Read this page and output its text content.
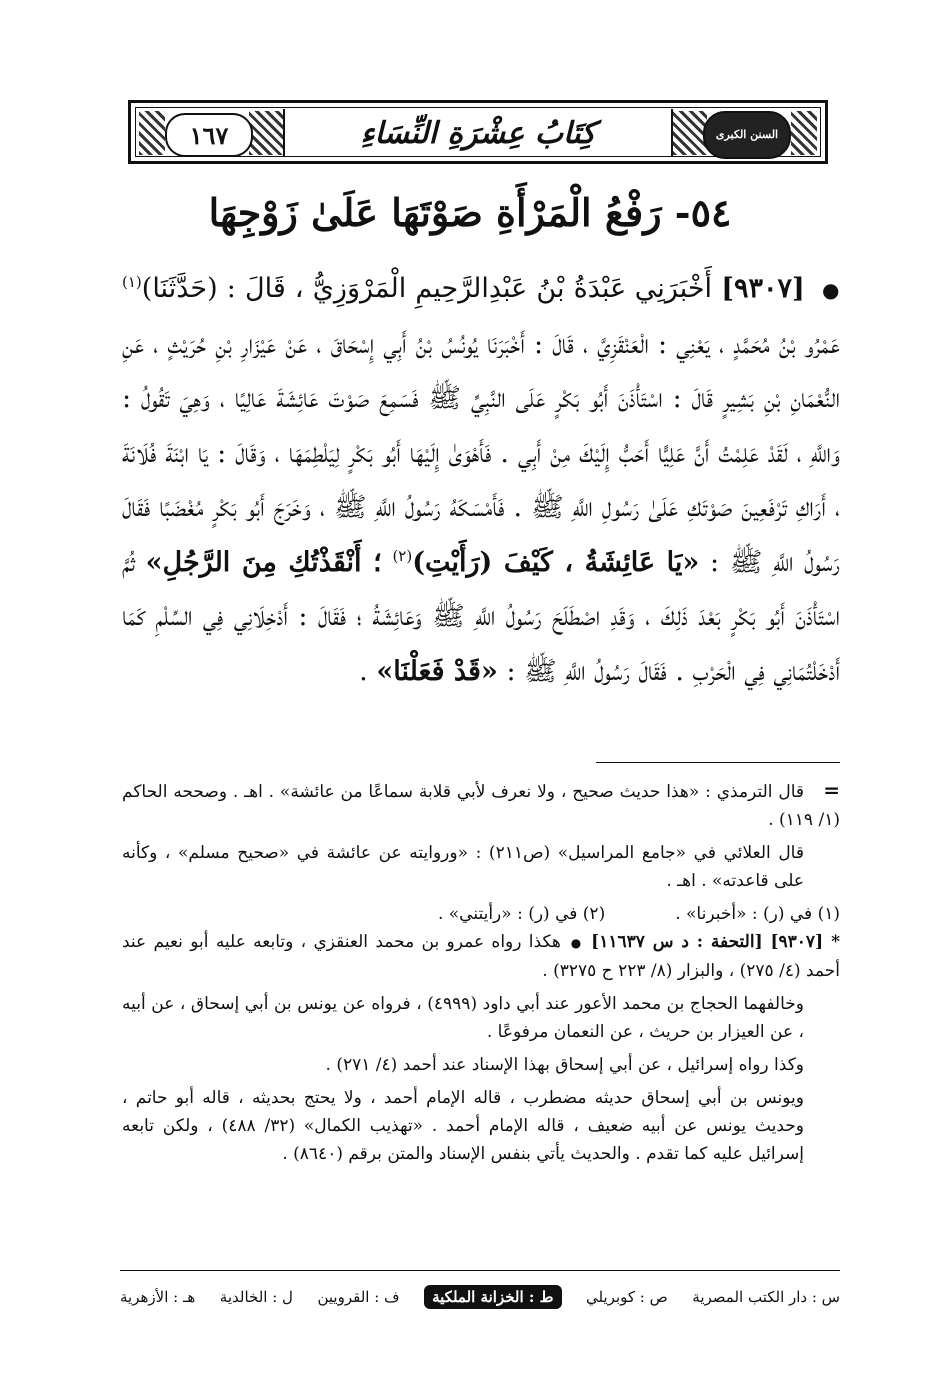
١٦٧	كِتَابُ عِشْرَةِ النِّسَاءِ	السنن الكبرى
٥٤- رَفْعُ الْمَرْأَةِ صَوْتَهَا عَلَىٰ زَوْجِهَا
● [٩٣٠٧] أَخْبَرَنِي عَبْدَةُ بْنُ عَبْدِالرَّحِيمِ الْمَرْوَزِيُّ ، قَالَ : (حَدَّثَنَا)$^{(١)}$ عَمْرُو بْنُ مُحَمَّدٍ ، يَعْنِي : الْعَنْقَزِيَّ ، قَالَ : أَخْبَرَنَا يُونُسُ بْنُ أَبِي إِسْحَاقَ ، عَنْ عَيْزَارِ بْنِ حُرَيْثٍ ، عَنِ النُّعْمَانِ بْنِ بَشِيرٍ قَالَ : اسْتَأْذَنَ أَبُو بَكْرٍ عَلَى النَّبِيِّ ﷺ فَسَمِعَ صَوْتَ عَائِشَةَ عَالِيًا ، وَهِيَ تَقُولُ : وَاللَّهِ ، لَقَدْ عَلِمْتُ أَنَّ عَلِيًّا أَحَبُّ إِلَيْكَ مِنْ أَبِي . فَأَهْوَىٰ إِلَيْهَا أَبُو بَكْرٍ لِيَلْطِمَهَا ، وَقَالَ : يَا ابْنَةَ فُلَانَةَ ، أَرَاكِ تَرْفَعِينَ صَوْتَكِ عَلَىٰ رَسُولِ اللَّهِ ﷺ . فَأَمْسَكَهُ رَسُولُ اللَّهِ ﷺ ، وَخَرَجَ أَبُو بَكْرٍ مُغْضَبًا فَقَالَ رَسُولُ اللَّهِ ﷺ : «يَا عَائِشَةُ ، كَيْفَ (رَأَيْتِ)$^{(٢)}$ ؛ أَنْقَذْتُكِ مِنَ الرَّجُلِ» ثُمَّ اسْتَأْذَنَ أَبُو بَكْرٍ بَعْدَ ذَلِكَ ، وَقَدِ اصْطَلَحَ رَسُولُ اللَّهِ ﷺ وَعَائِشَةُ ؛ فَقَالَ : أَدْخِلَانِي فِي السِّلْمِ كَمَا أَدْخَلْتُمَانِي فِي الْحَرْبِ . فَقَالَ رَسُولُ اللَّهِ ﷺ : «قَدْ فَعَلْنَا» .

=قال الترمذي : «هذا حديث صحيح ، ولا نعرف لأبي قلابة سماعًا من عائشة» . اهـ . وصححه الحاكم (١/ ١١٩) .

قال العلائي في «جامع المراسيل» (ص٢١١) : «وروايته عن عائشة في «صحيح مسلم» ، وكأنه على قاعدته» . اهـ .

(١) في (ر) : «أخبرنا» .
(٢) في (ر) : «رأيتني» .

*[٩٣٠٧] [التحفة : د س ١١٦٣٧]●هكذا رواه عمرو بن محمد العنقزي ، وتابعه عليه أبو نعيم عند أحمد (٤/ ٢٧٥) ، والبزار (٨/ ٢٢٣ ح ٣٢٧٥) .

وخالفهما الحجاج بن محمد الأعور عند أبي داود (٤٩٩٩) ، فرواه عن يونس بن أبي إسحاق ، عن أبيه ، عن العيزار بن حريث ، عن النعمان مرفوعًا .

وكذا رواه إسرائيل ، عن أبي إسحاق بهذا الإسناد عند أحمد (٤/ ٢٧١) .

ويونس بن أبي إسحاق حديثه مضطرب ، قاله الإمام أحمد ، ولا يحتج بحديثه ، قاله أبو حاتم ، وحديث يونس عن أبيه ضعيف ، قاله الإمام أحمد . «تهذيب الكمال» (٣٢/ ٤٨٨) ، ولكن تابعه إسرائيل عليه كما تقدم . والحديث يأتي بنفس الإسناد والمتن برقم (٨٦٤٠) .

س : دار الكتب المصرية
ص : كوبريلي
ط : الخزانة الملكية
ف : القرويين
ل : الخالدية
هـ : الأزهرية
